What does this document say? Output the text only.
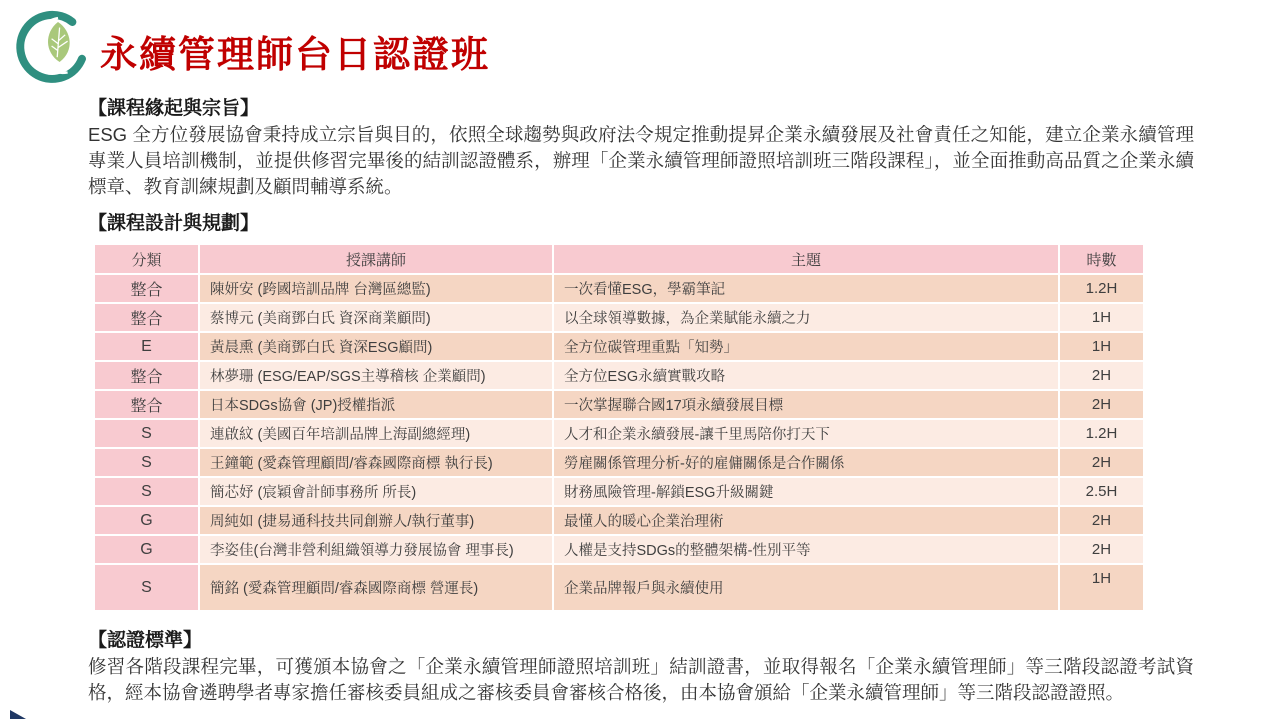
永續管理師台日認證班
【課程緣起與宗旨】

ESG 全方位發展協會秉持成立宗旨與目的，依照全球趨勢與政府法令規定推動提昇企業永續發展及社會責任之知能，建立企業永續管理專業人員培訓機制，並提供修習完畢後的結訓認證體系，辦理「企業永續管理師證照培訓班三階段課程」，並全面推動高品質之企業永續標章、教育訓練規劃及顧問輔導系統。

【課程設計與規劃】
分類	授課講師	主題	時數
整合	陳妍安 (跨國培訓品牌 台灣區總監)	一次看懂ESG，學霸筆記	1.2H
整合	蔡博元 (美商鄧白氏 資深商業顧問)	以全球領導數據，為企業賦能永續之力	1H
E	黃晨熏 (美商鄧白氏 資深ESG顧問)	全方位碳管理重點「知勢」	1H
整合	林夢珊 (ESG/EAP/SGS主導稽核 企業顧問)	全方位ESG永續實戰攻略	2H
整合	日本SDGs協會 (JP)授權指派	一次掌握聯合國17項永續發展目標	2H
S	連啟紋 (美國百年培訓品牌上海副總經理)	人才和企業永續發展-讓千里馬陪你打天下	1.2H
S	王鐘範 (愛森管理顧問/睿森國際商標 執行長)	勞雇關係管理分析-好的雇傭關係是合作關係	2H
S	簡芯妤 (宸穎會計師事務所 所長)	財務風險管理-解鎖ESG升級關鍵	2.5H
G	周純如 (捷易通科技共同創辦人/執行董事)	最懂人的暖心企業治理術	2H
G	李姿佳(台灣非營利組織領導力發展協會 理事長)	人權是支持SDGs的整體架構-性別平等	2H
S	簡銘 (愛森管理顧問/睿森國際商標 營運長)	企業品牌報戶與永續使用	1H
【認證標準】

修習各階段課程完畢，可獲頒本協會之「企業永續管理師證照培訓班」結訓證書，並取得報名「企業永續管理師」等三階段認證考試資格，經本協會遴聘學者專家擔任審核委員組成之審核委員會審核合格後，由本協會頒給「企業永續管理師」等三階段認證證照。
